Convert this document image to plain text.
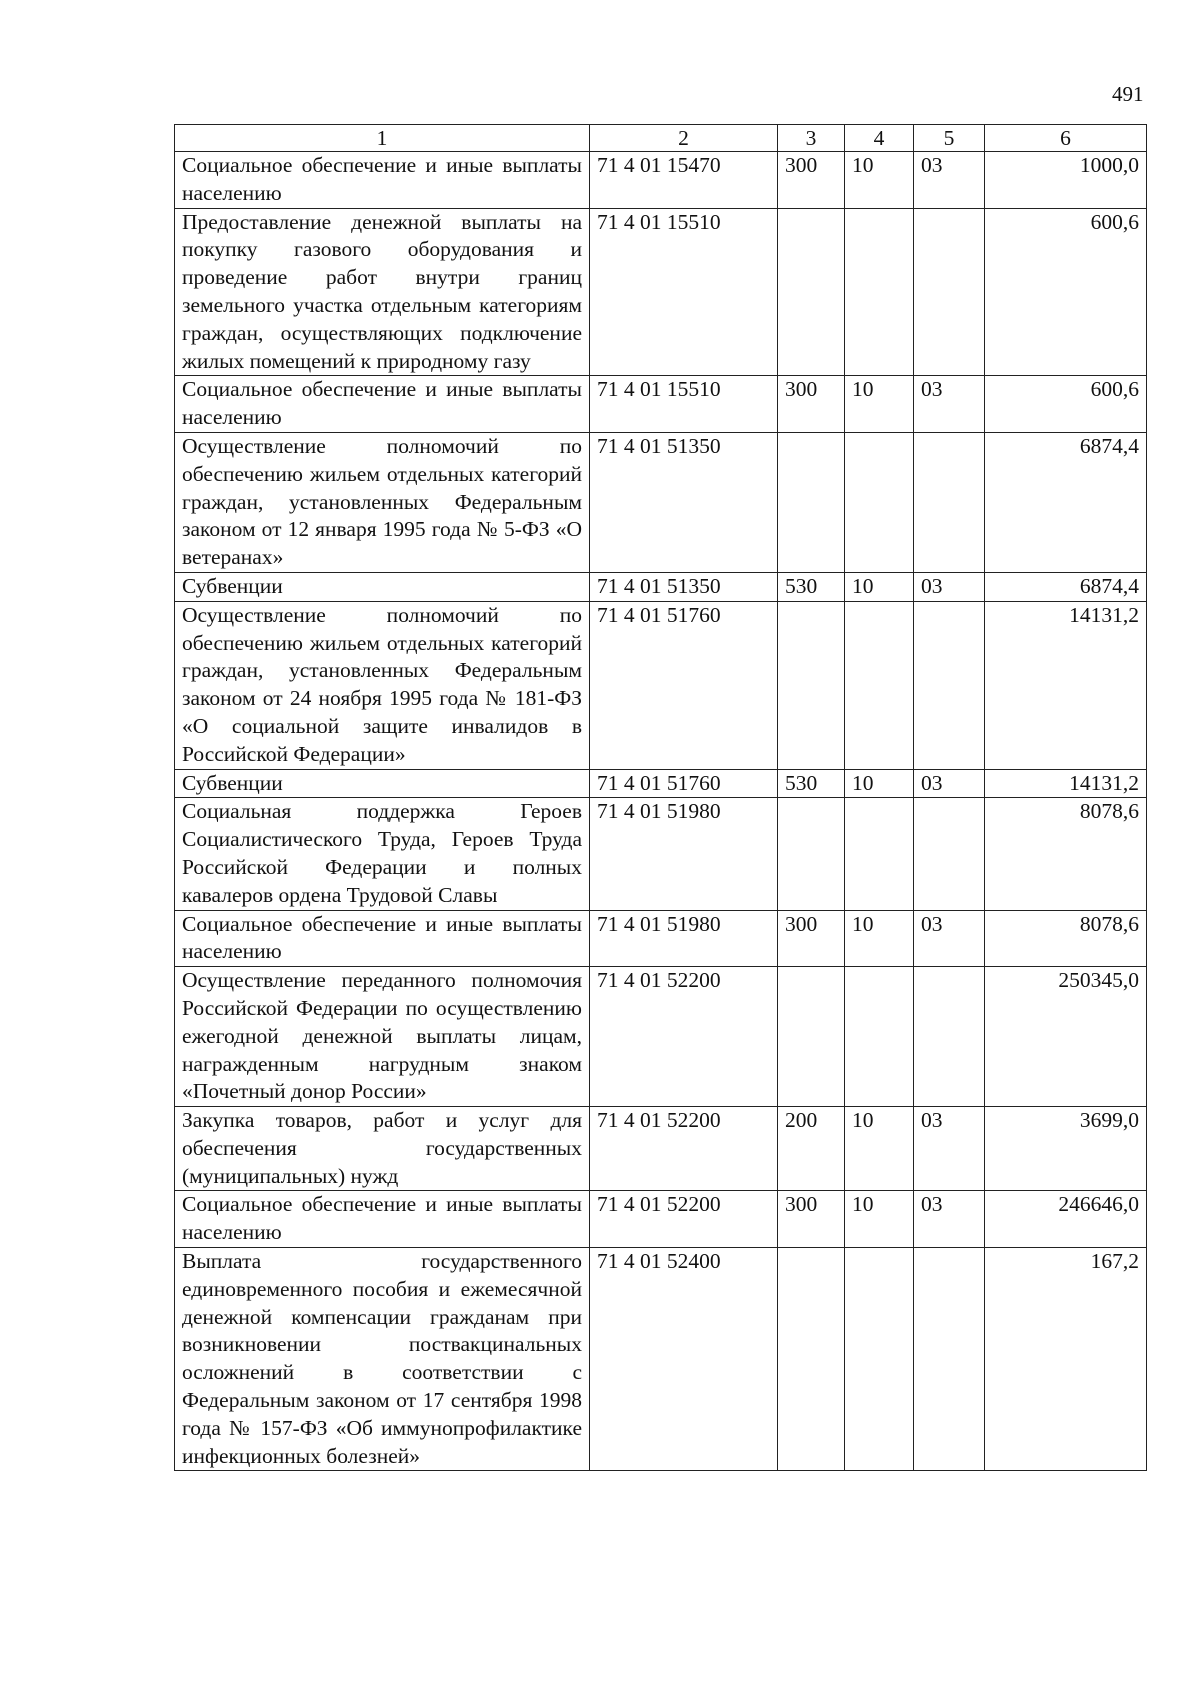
491
1	2	3	4	5	6
Социальное обеспечение и иные выплаты населению	71 4 01 15470	300	10	03	1000,0
Предоставление денежной выплаты на покупку газового оборудования и проведение работ внутри границ земельного участка отдельным категориям граждан, осуществляющих подключение жилых помещений к природному газу	71 4 01 15510				600,6
Социальное обеспечение и иные выплаты населению	71 4 01 15510	300	10	03	600,6
Осуществление полномочий по обеспечению жильем отдельных категорий граждан, установленных Федеральным законом от 12 января 1995 года № 5-ФЗ «О ветеранах»	71 4 01 51350				6874,4
Субвенции	71 4 01 51350	530	10	03	6874,4
Осуществление полномочий по обеспечению жильем отдельных категорий граждан, установленных Федеральным законом от 24 ноября 1995 года № 181-ФЗ «О социальной защите инвалидов в Российской Федерации»	71 4 01 51760				14131,2
Субвенции	71 4 01 51760	530	10	03	14131,2
Социальная поддержка Героев Социалистического Труда, Героев Труда Российской Федерации и полных кавалеров ордена Трудовой Славы	71 4 01 51980				8078,6
Социальное обеспечение и иные выплаты населению	71 4 01 51980	300	10	03	8078,6
Осуществление переданного полномочия Российской Федерации по осуществлению ежегодной денежной выплаты лицам, награжденным нагрудным знаком «Почетный донор России»	71 4 01 52200				250345,0
Закупка товаров, работ и услуг для обеспечения государственных (муниципальных) нужд	71 4 01 52200	200	10	03	3699,0
Социальное обеспечение и иные выплаты населению	71 4 01 52200	300	10	03	246646,0
Выплата государственного единовременного пособия и ежемесячной денежной компенсации гражданам при возникновении поствакцинальных осложнений в соответствии с Федеральным законом от 17 сентября 1998 года № 157-ФЗ «Об иммунопрофилактике инфекционных болезней»	71 4 01 52400				167,2
